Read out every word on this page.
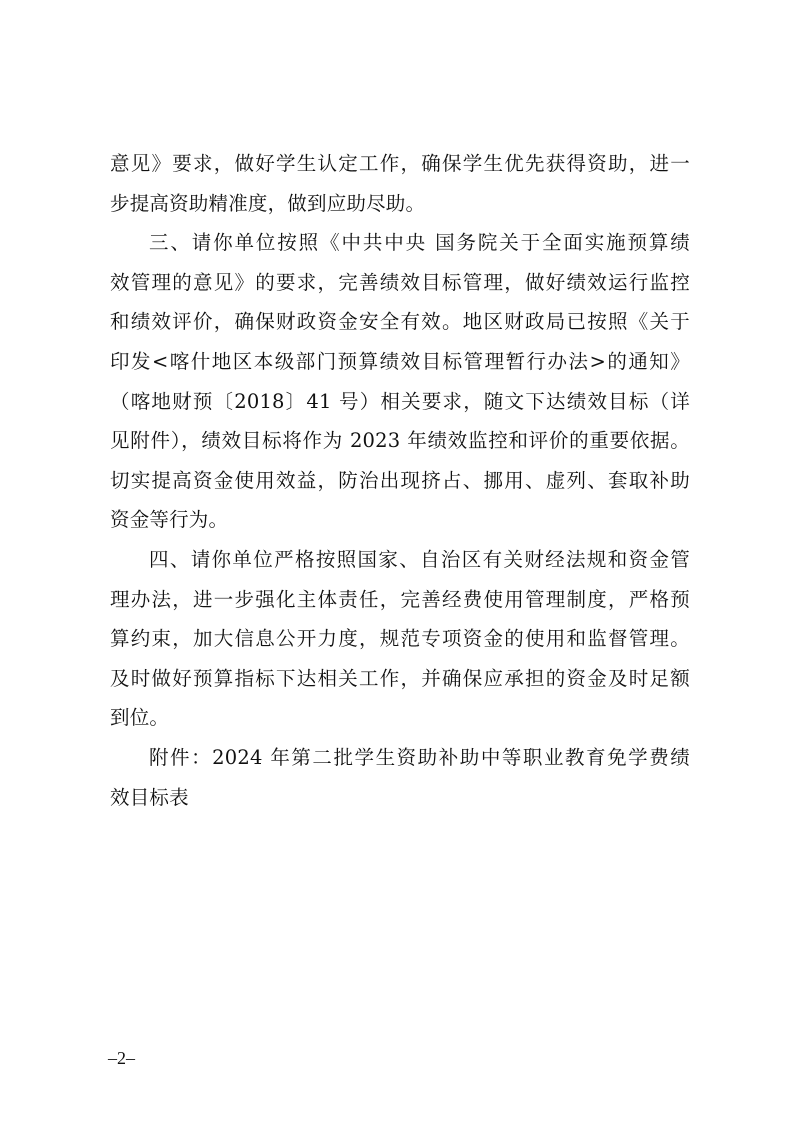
意见》要求，做好学生认定工作，确保学生优先获得资助，进一
步提高资助精准度，做到应助尽助。
三、请你单位按照《中共中央 国务院关于全面实施预算绩
效管理的意见》的要求，完善绩效目标管理，做好绩效运行监控
和绩效评价，确保财政资金安全有效。地区财政局已按照《关于
印发<喀什地区本级部门预算绩效目标管理暂行办法>的通知》
（喀地财预〔2018〕41 号）相关要求，随文下达绩效目标（详
见附件），绩效目标将作为 2023 年绩效监控和评价的重要依据。
切实提高资金使用效益，防治出现挤占、挪用、虚列、套取补助
资金等行为。
四、请你单位严格按照国家、自治区有关财经法规和资金管
理办法，进一步强化主体责任，完善经费使用管理制度，严格预
算约束，加大信息公开力度，规范专项资金的使用和监督管理。
及时做好预算指标下达相关工作，并确保应承担的资金及时足额
到位。
附件：2024 年第二批学生资助补助中等职业教育免学费绩
效目标表
–2–
